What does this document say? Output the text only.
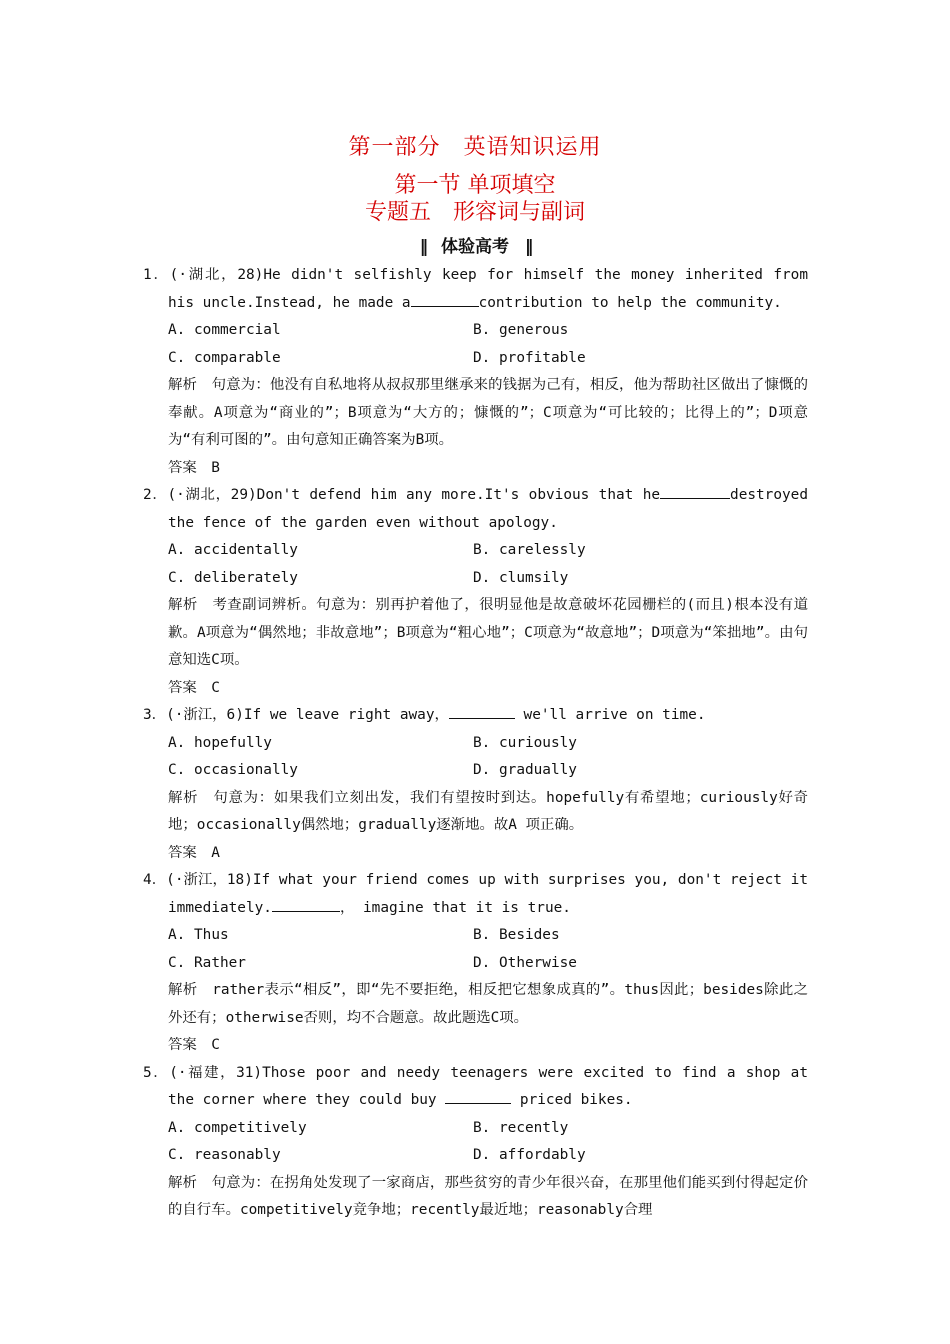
第一部分　英语知识运用
第一节 单项填空
专题五　形容词与副词
‖ 体验高考 ‖
1．(·湖北，28)He didn't selfishly keep for himself the money inherited from
his uncle.Instead, he made a	contribution to help the community.
A. commercial	B. generous
C. comparable	D. profitable
解析　 句意为：他没有自私地将从叔叔那里继承来的钱据为己有，相反，他为帮助社区做出了慷慨的奉献。A项意为“商业的”；B项意为“大方的；慷慨的”；C项意为“可比较的；比得上的”；D项意为“有利可图的”。由句意知正确答案为B项。
答案　 B
2．(·湖北，29)Don't defend him any more.It's obvious that he	destroyed
the fence of the garden even without apology.
A. accidentally	B. carelessly
C. deliberately	D. clumsily
解析　 考查副词辨析。句意为：别再护着他了，很明显他是故意破坏花园栅栏的(而且)根本没有道歉。A项意为“偶然地；非故意地”；B项意为“粗心地”；C项意为“故意地”；D项意为“笨拙地”。由句意知选C项。
答案　 C
3．(·浙江，6)If we leave right away，	we'll arrive on time.
A. hopefully	B. curiously
C. occasionally	D. gradually
解析　 句意为：如果我们立刻出发，我们有望按时到达。hopefully有希望地；curiously好奇地；occasionally偶然地；gradually逐渐地。故A 项正确。
答案　 A
4．(·浙江，18)If what your friend comes up with surprises you, don't reject it
immediately.	， imagine that it is true.
A. Thus	B. Besides
C. Rather	D. Otherwise
解析　 rather表示“相反”，即“先不要拒绝，相反把它想象成真的”。thus因此；besides除此之外还有；otherwise否则，均不合题意。故此题选C项。
答案　 C
5．(·福建，31)Those poor and needy teenagers were excited to find a shop at
the corner where they could buy	priced bikes.
A. competitively	B. recently
C. reasonably	D. affordably
解析　 句意为：在拐角处发现了一家商店，那些贫穷的青少年很兴奋，在那里他们能买到付得起定价的自行车。competitively竞争地；recently最近地；reasonably合理
